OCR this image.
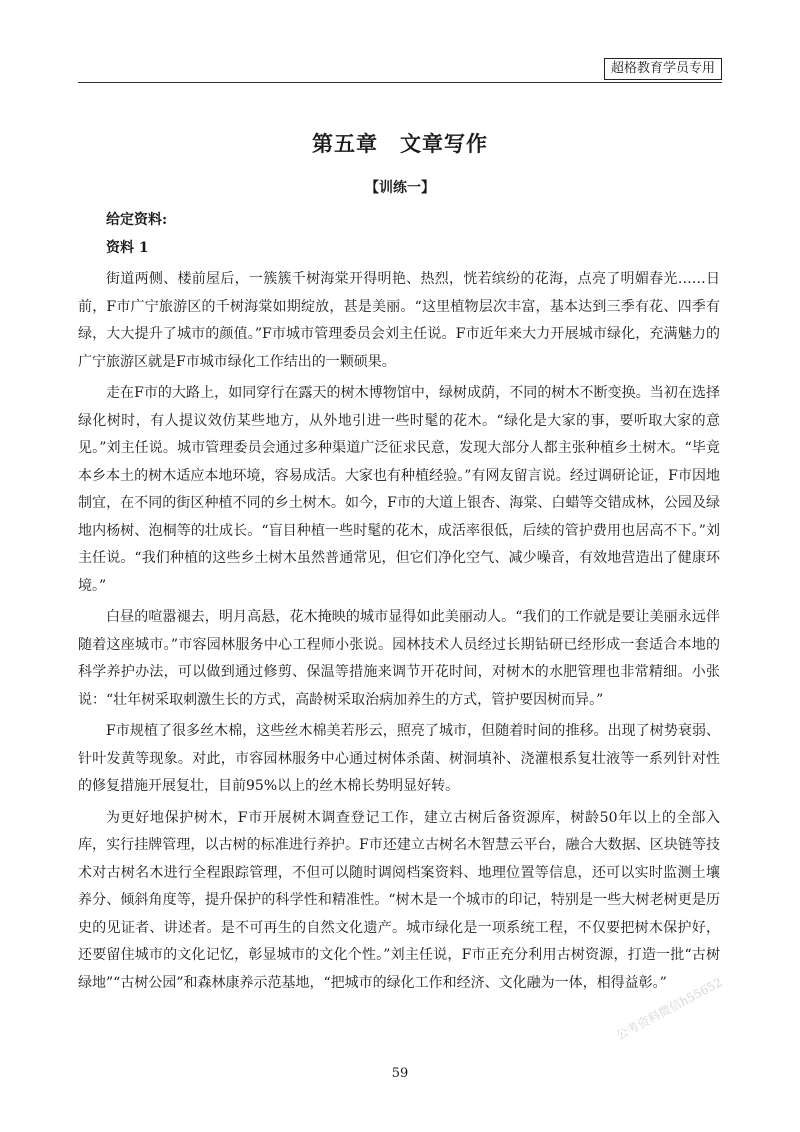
超格教育学员专用
第五章 文章写作
【训练一】

给定资料:

资料 1

街道两侧、楼前屋后，一簇簇千树海棠开得明艳、热烈，恍若缤纷的花海，点亮了明媚春光……日前，F市广宁旅游区的千树海棠如期绽放，甚是美丽。“这里植物层次丰富，基本达到三季有花、四季有绿，大大提升了城市的颜值。”F市城市管理委员会刘主任说。F市近年来大力开展城市绿化，充满魅力的广宁旅游区就是F市城市绿化工作结出的一颗硕果。

走在F市的大路上，如同穿行在露天的树木博物馆中，绿树成荫，不同的树木不断变换。当初在选择绿化树时，有人提议效仿某些地方，从外地引进一些时髦的花木。“绿化是大家的事，要听取大家的意见。”刘主任说。城市管理委员会通过多种渠道广泛征求民意，发现大部分人都主张种植乡土树木。“毕竟本乡本土的树木适应本地环境，容易成活。大家也有种植经验。”有网友留言说。经过调研论证，F市因地制宜，在不同的街区种植不同的乡土树木。如今，F市的大道上银杏、海棠、白蜡等交错成林，公园及绿地内杨树、泡桐等的壮成长。“盲目种植一些时髦的花木，成活率很低，后续的管护费用也居高不下。”刘主任说。“我们种植的这些乡土树木虽然普通常见，但它们净化空气、减少噪音，有效地营造出了健康环境。”

白昼的喧嚣褪去，明月高悬，花木掩映的城市显得如此美丽动人。“我们的工作就是要让美丽永远伴随着这座城市。”市容园林服务中心工程师小张说。园林技术人员经过长期钻研已经形成一套适合本地的科学养护办法，可以做到通过修剪、保温等措施来调节开花时间，对树木的水肥管理也非常精细。小张说：“壮年树采取刺激生长的方式，高龄树采取治病加养生的方式，管护要因树而异。”

F市规植了很多丝木棉，这些丝木棉美若彤云，照亮了城市，但随着时间的推移。出现了树势衰弱、针叶发黄等现象。对此，市容园林服务中心通过树体杀菌、树洞填补、浇灌根系复壮液等一系列针对性的修复措施开展复壮，目前95%以上的丝木棉长势明显好转。

为更好地保护树木，F市开展树木调查登记工作，建立古树后备资源库，树龄50年以上的全部入库，实行挂牌管理，以古树的标准进行养护。F市还建立古树名木智慧云平台，融合大数据、区块链等技术对古树名木进行全程跟踪管理，不但可以随时调阅档案资料、地理位置等信息，还可以实时监测土壤养分、倾斜角度等，提升保护的科学性和精准性。“树木是一个城市的印记，特别是一些大树老树更是历史的见证者、讲述者。是不可再生的自然文化遗产。城市绿化是一项系统工程，不仅要把树木保护好，还要留住城市的文化记忆，彰显城市的文化个性。”刘主任说，F市正充分利用古树资源，打造一批“古树绿地”“古树公园”和森林康养示范基地，“把城市的绿化工作和经济、文化融为一体，相得益彰。”

公考资料微信h55652
59
